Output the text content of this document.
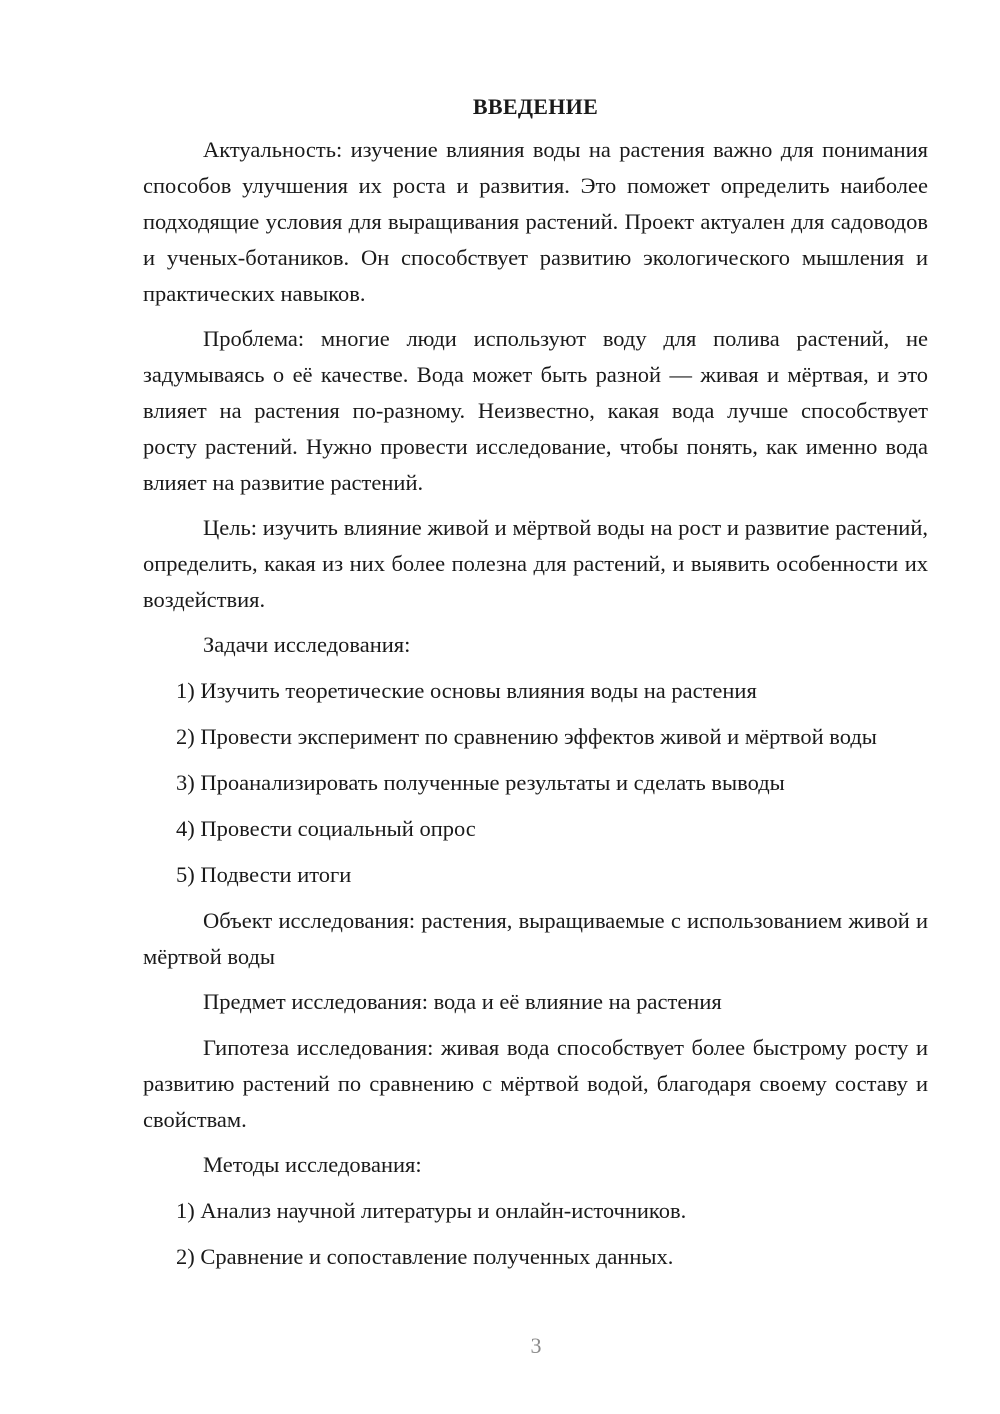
ВВЕДЕНИЕ

Актуальность: изучение влияния воды на растения важно для понимания способов улучшения их роста и развития. Это поможет определить наиболее подходящие условия для выращивания растений. Проект актуален для садоводов и ученых-ботаников. Он способствует развитию экологического мышления и практических навыков.

Проблема: многие люди используют воду для полива растений, не задумываясь о её качестве. Вода может быть разной — живая и мёртвая, и это влияет на растения по-разному. Неизвестно, какая вода лучше способствует росту растений. Нужно провести исследование, чтобы понять, как именно вода влияет на развитие растений.

Цель: изучить влияние живой и мёртвой воды на рост и развитие растений, определить, какая из них более полезна для растений, и выявить особенности их воздействия.

Задачи исследования:

1) Изучить теоретические основы влияния воды на растения

2) Провести эксперимент по сравнению эффектов живой и мёртвой воды

3) Проанализировать полученные результаты и сделать выводы

4) Провести социальный опрос

5) Подвести итоги

Объект исследования: растения, выращиваемые с использованием живой и мёртвой воды

Предмет исследования: вода и её влияние на растения

Гипотеза исследования: живая вода способствует более быстрому росту и развитию растений по сравнению с мёртвой водой, благодаря своему составу и свойствам.

Методы исследования:

1) Анализ научной литературы и онлайн-источников.

2) Сравнение и сопоставление полученных данных.

3
